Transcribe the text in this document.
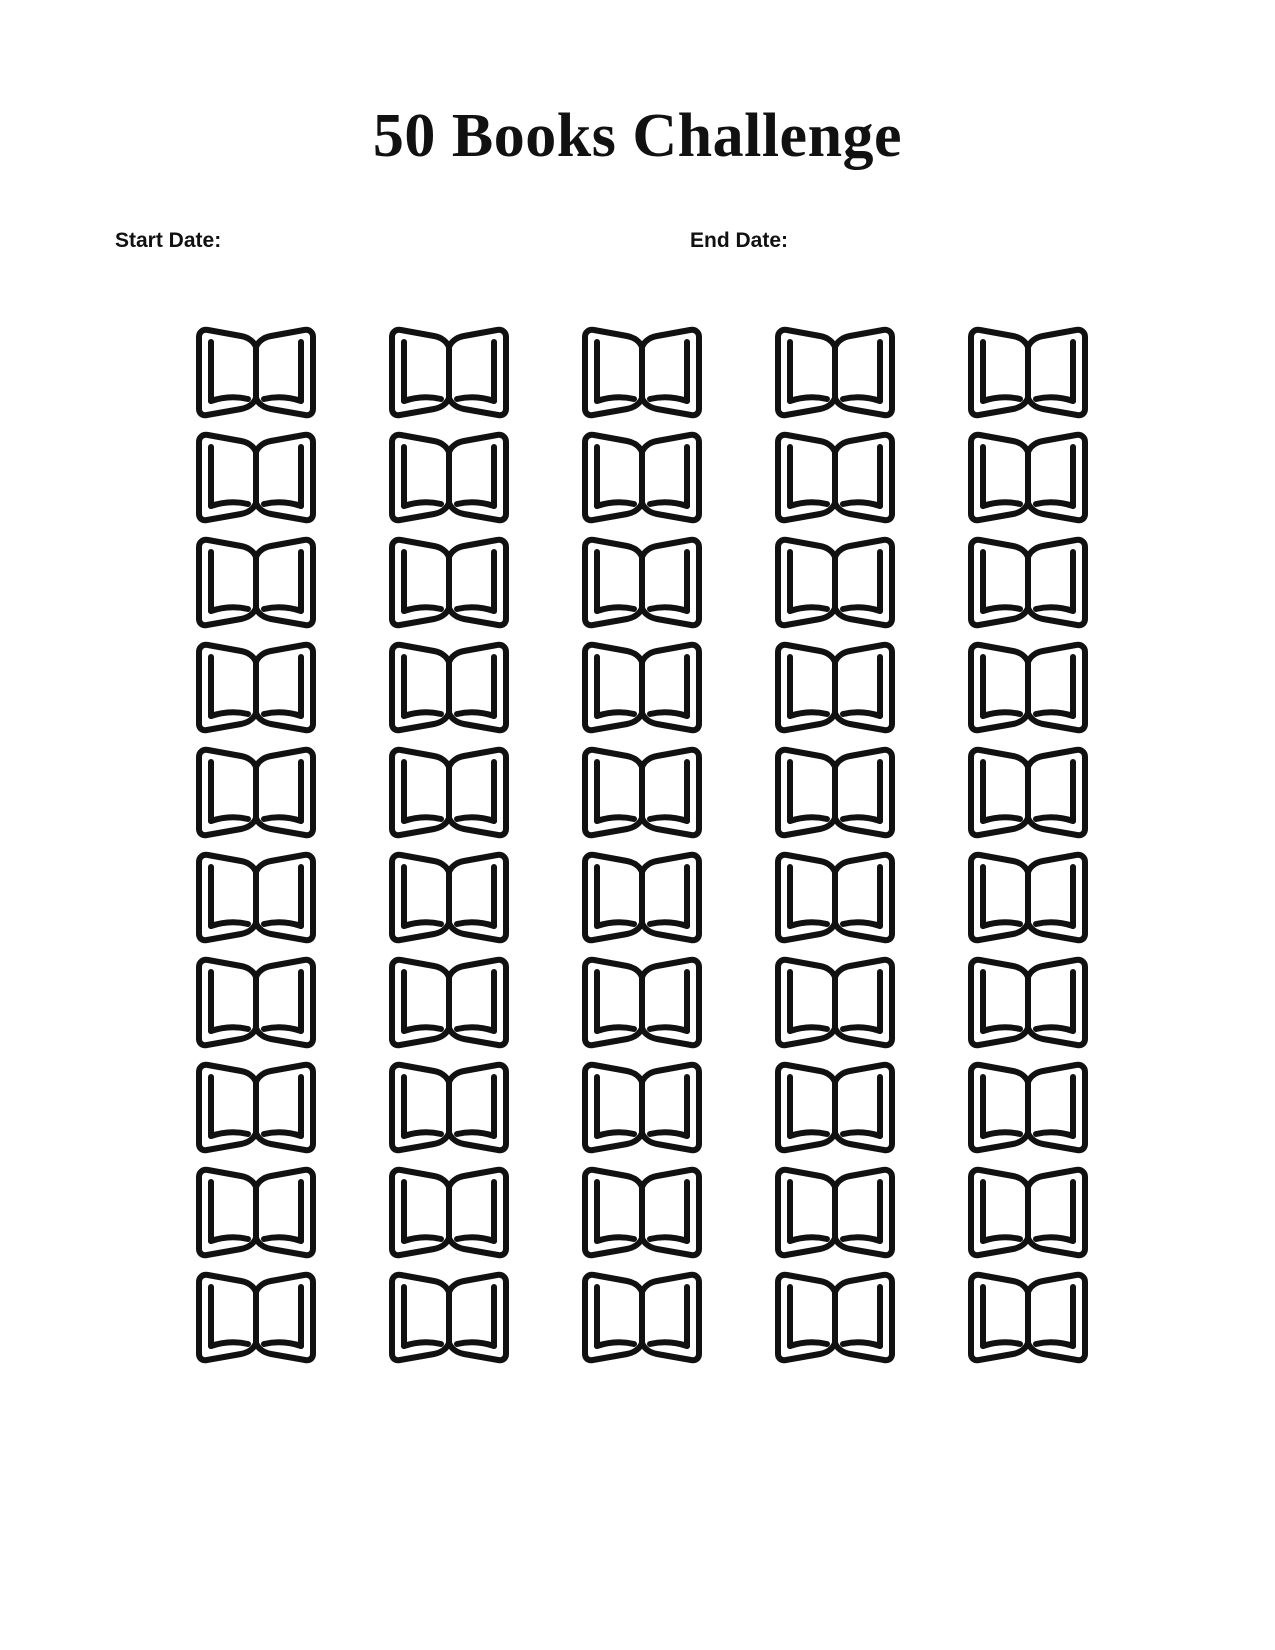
50 Books Challenge
Start Date:	End Date:
